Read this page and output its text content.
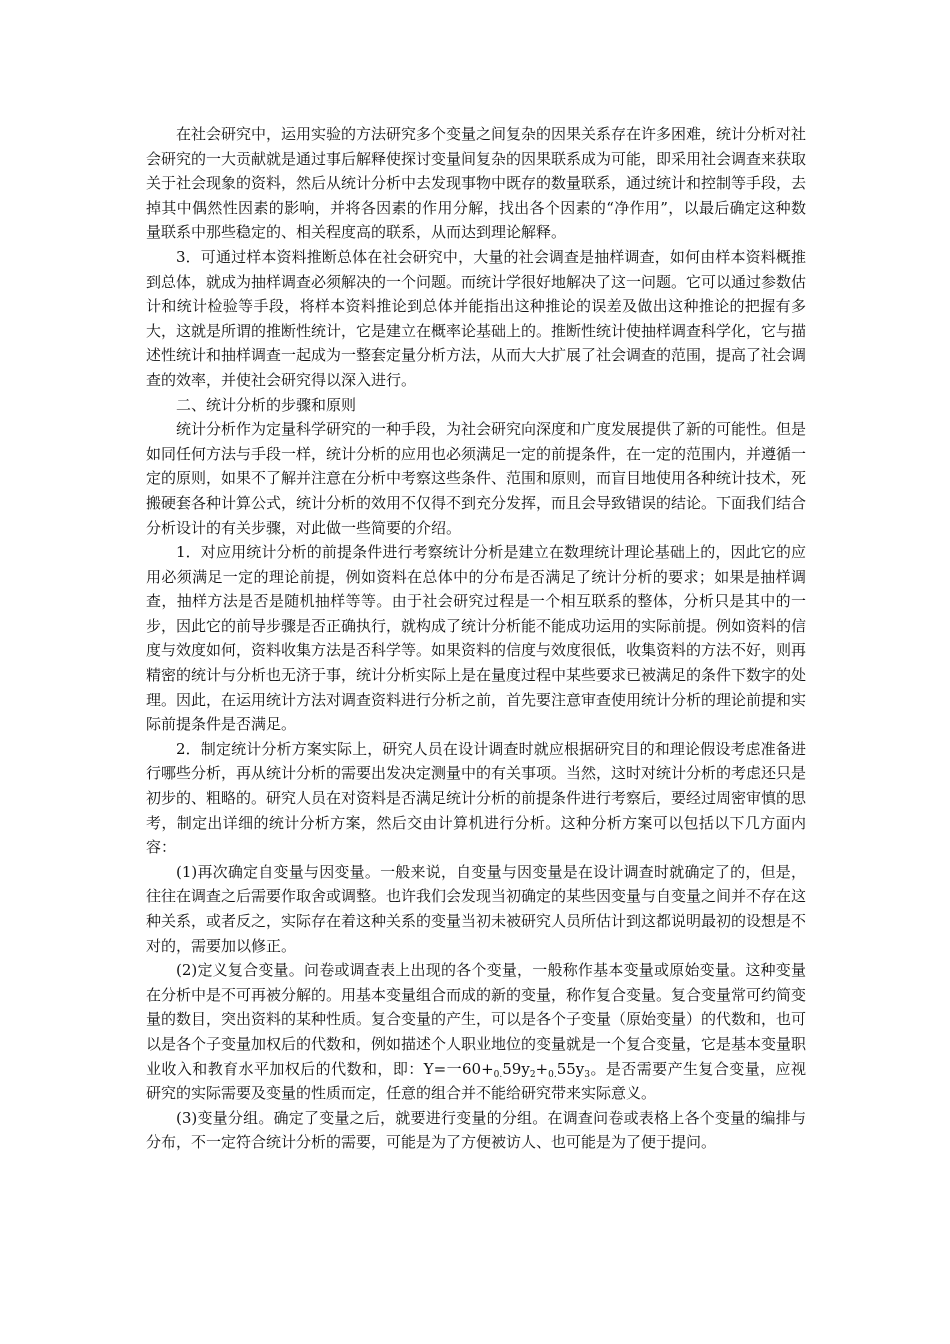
在社会研究中，运用实验的方法研究多个变量之间复杂的因果关系存在许多困难，统计分析对社会研究的一大贡献就是通过事后解释使探讨变量间复杂的因果联系成为可能，即采用社会调查来获取关于社会现象的资料，然后从统计分析中去发现事物中既存的数量联系，通过统计和控制等手段，去掉其中偶然性因素的影响，并将各因素的作用分解，找出各个因素的“净作用”，以最后确定这种数量联系中那些稳定的、相关程度高的联系，从而达到理论解释。

3．可通过样本资料推断总体在社会研究中，大量的社会调查是抽样调查，如何由样本资料概推到总体，就成为抽样调查必须解决的一个问题。而统计学很好地解决了这一问题。它可以通过参数估计和统计检验等手段，将样本资料推论到总体并能指出这种推论的误差及做出这种推论的把握有多大，这就是所谓的推断性统计，它是建立在概率论基础上的。推断性统计使抽样调查科学化，它与描述性统计和抽样调查一起成为一整套定量分析方法，从而大大扩展了社会调查的范围，提高了社会调查的效率，并使社会研究得以深入进行。

二、统计分析的步骤和原则

统计分析作为定量科学研究的一种手段，为社会研究向深度和广度发展提供了新的可能性。但是如同任何方法与手段一样，统计分析的应用也必须满足一定的前提条件，在一定的范围内，并遵循一定的原则，如果不了解并注意在分析中考察这些条件、范围和原则，而盲目地使用各种统计技术，死搬硬套各种计算公式，统计分析的效用不仅得不到充分发挥，而且会导致错误的结论。下面我们结合分析设计的有关步骤，对此做一些简要的介绍。

1．对应用统计分析的前提条件进行考察统计分析是建立在数理统计理论基础上的，因此它的应用必须满足一定的理论前提，例如资料在总体中的分布是否满足了统计分析的要求；如果是抽样调查，抽样方法是否是随机抽样等等。由于社会研究过程是一个相互联系的整体，分析只是其中的一步，因此它的前导步骤是否正确执行，就构成了统计分析能不能成功运用的实际前提。例如资料的信度与效度如何，资料收集方法是否科学等。如果资料的信度与效度很低，收集资料的方法不好，则再精密的统计与分析也无济于事，统计分析实际上是在量度过程中某些要求已被满足的条件下数字的处理。因此，在运用统计方法对调查资料进行分析之前，首先要注意审查使用统计分析的理论前提和实际前提条件是否满足。

2．制定统计分析方案实际上，研究人员在设计调查时就应根据研究目的和理论假设考虑准备进行哪些分析，再从统计分析的需要出发决定测量中的有关事项。当然，这时对统计分析的考虑还只是初步的、粗略的。研究人员在对资料是否满足统计分析的前提条件进行考察后，要经过周密审慎的思考，制定出详细的统计分析方案，然后交由计算机进行分析。这种分析方案可以包括以下几方面内容：

(1)再次确定自变量与因变量。一般来说，自变量与因变量是在设计调查时就确定了的，但是，往往在调查之后需要作取舍或调整。也许我们会发现当初确定的某些因变量与自变量之间并不存在这种关系，或者反之，实际存在着这种关系的变量当初未被研究人员所估计到这都说明最初的设想是不对的，需要加以修正。

(2)定义复合变量。问卷或调查表上出现的各个变量，一般称作基本变量或原始变量。这种变量在分析中是不可再被分解的。用基本变量组合而成的新的变量，称作复合变量。复合变量常可约简变量的数目，突出资料的某种性质。复合变量的产生，可以是各个子变量（原始变量）的代数和，也可以是各个子变量加权后的代数和，例如描述个人职业地位的变量就是一个复合变量，它是基本变量职业收入和教育水平加权后的代数和，即：Y=一$60+_{0.}59y_2+_{0.}55y_3$。是否需要产生复合变量，应视研究的实际需要及变量的性质而定，任意的组合并不能给研究带来实际意义。

(3)变量分组。确定了变量之后，就要进行变量的分组。在调查问卷或表格上各个变量的编排与分布，不一定符合统计分析的需要，可能是为了方便被访人、也可能是为了便于提问。
